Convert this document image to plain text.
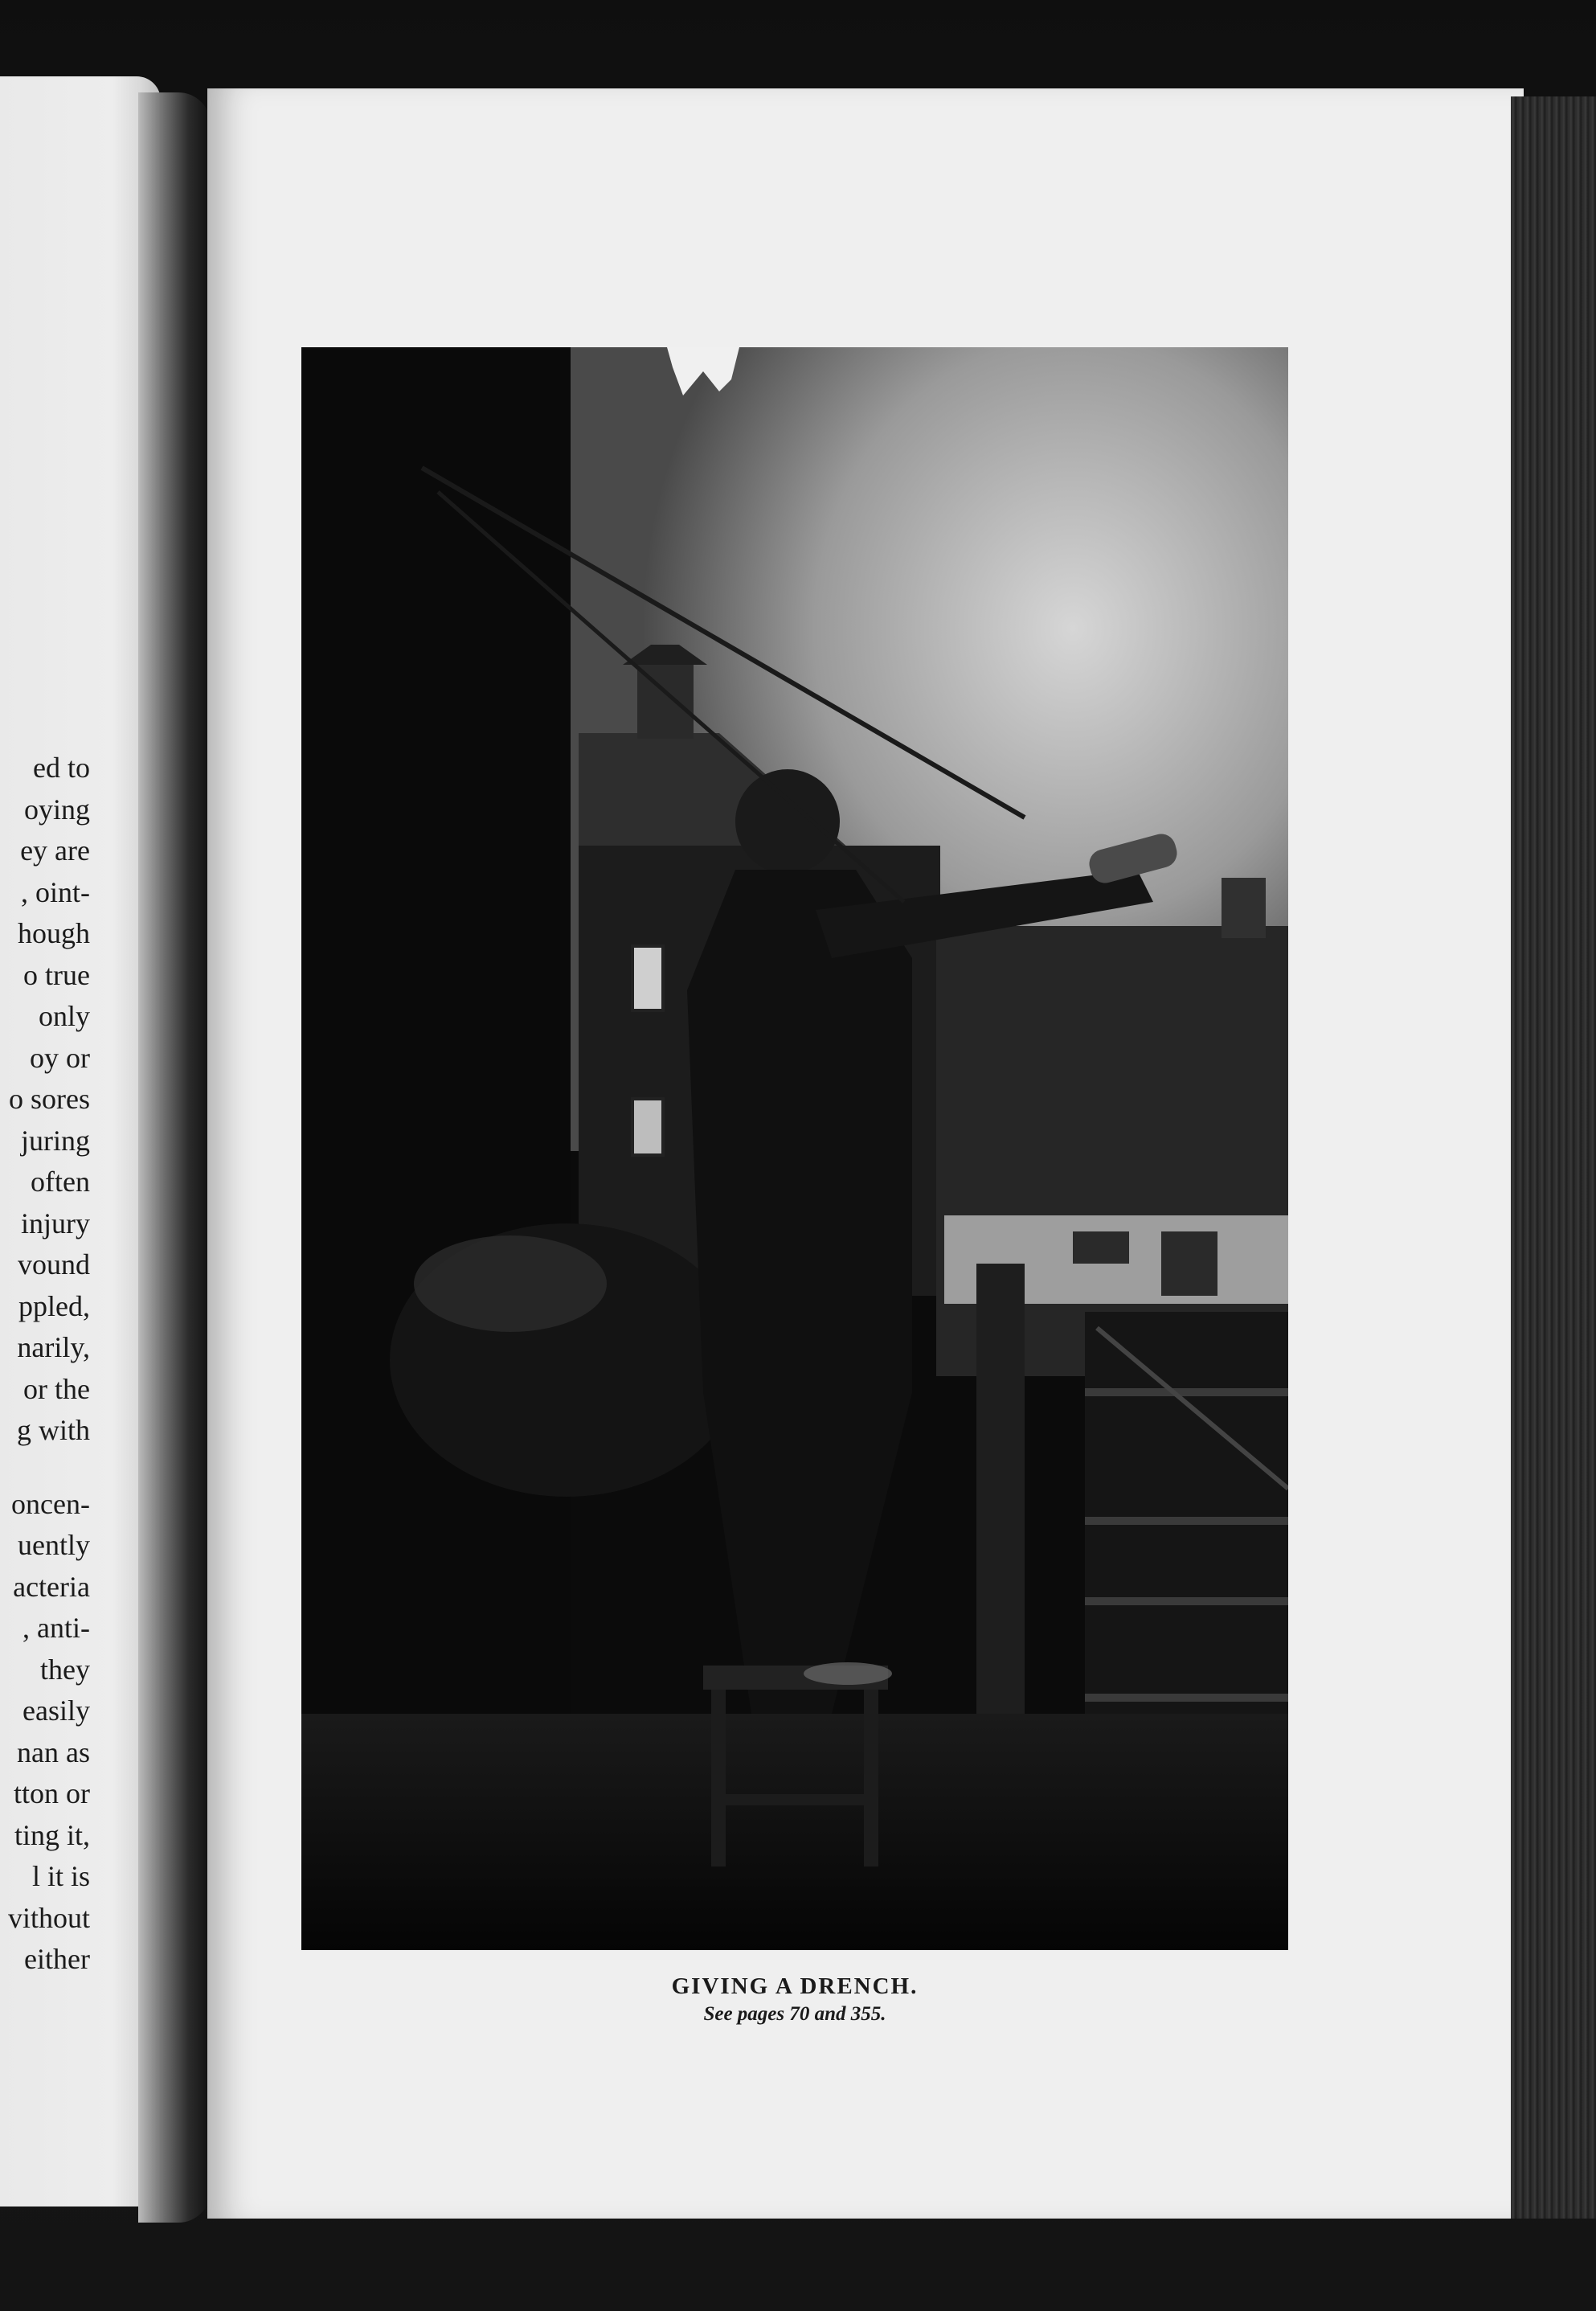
ed to
oying
ey are
, oint-
hough
o true
only
oy or
o sores
juring
often
injury
vound
ppled,
narily,
or the
g with
oncen-
uently
acteria
, anti-
they
easily
nan as
tton or
ting it,
l it is
vithout
either
GIVING A DRENCH.
See pages 70 and 355.
